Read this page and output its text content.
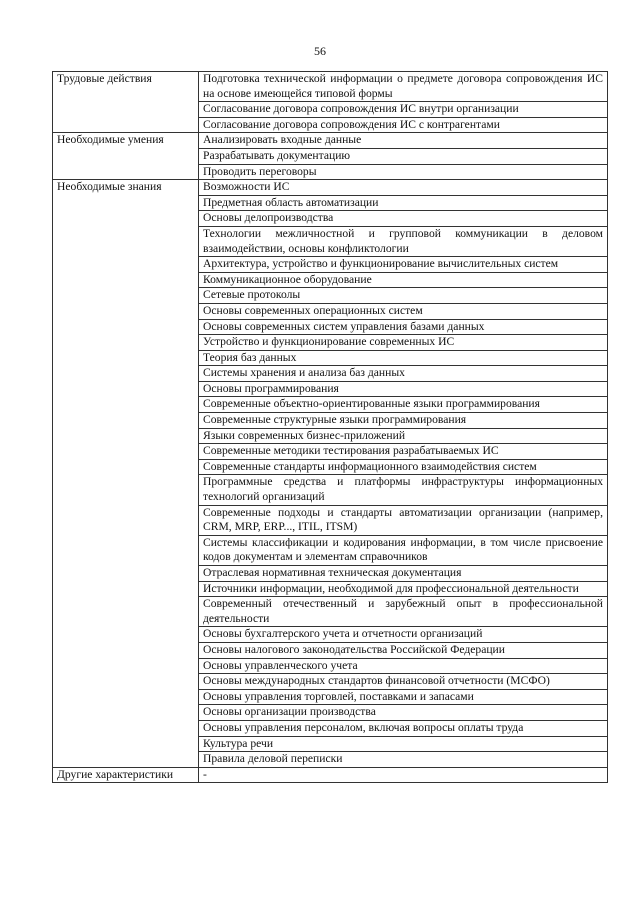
56
Трудовые действия	Подготовка технической информации о предмете договора сопровождения ИС на основе имеющейся типовой формы
	Согласование договора сопровождения ИС внутри организации
	Согласование договора сопровождения ИС с контрагентами
Необходимые умения	Анализировать входные данные
	Разрабатывать документацию
	Проводить переговоры
Необходимые знания	Возможности ИС
	Предметная область автоматизации
	Основы делопроизводства
	Технологии межличностной и групповой коммуникации в деловом взаимодействии, основы конфликтологии
	Архитектура, устройство и функционирование вычислительных систем
	Коммуникационное оборудование
	Сетевые протоколы
	Основы современных операционных систем
	Основы современных систем управления базами данных
	Устройство и функционирование современных ИС
	Теория баз данных
	Системы хранения и анализа баз данных
	Основы программирования
	Современные объектно-ориентированные языки программирования
	Современные структурные языки программирования
	Языки современных бизнес-приложений
	Современные методики тестирования разрабатываемых ИС
	Современные стандарты информационного взаимодействия систем
	Программные средства и платформы инфраструктуры информационных технологий организаций
	Современные подходы и стандарты автоматизации организации (например, CRM, MRP, ERP..., ITIL, ITSM)
	Системы классификации и кодирования информации, в том числе присвоение кодов документам и элементам справочников
	Отраслевая нормативная техническая документация
	Источники информации, необходимой для профессиональной деятельности
	Современный отечественный и зарубежный опыт в профессиональной деятельности
	Основы бухгалтерского учета и отчетности организаций
	Основы налогового законодательства Российской Федерации
	Основы управленческого учета
	Основы международных стандартов финансовой отчетности (МСФО)
	Основы управления торговлей, поставками и запасами
	Основы организации производства
	Основы управления персоналом, включая вопросы оплаты труда
	Культура речи
	Правила деловой переписки
Другие характеристики	-
